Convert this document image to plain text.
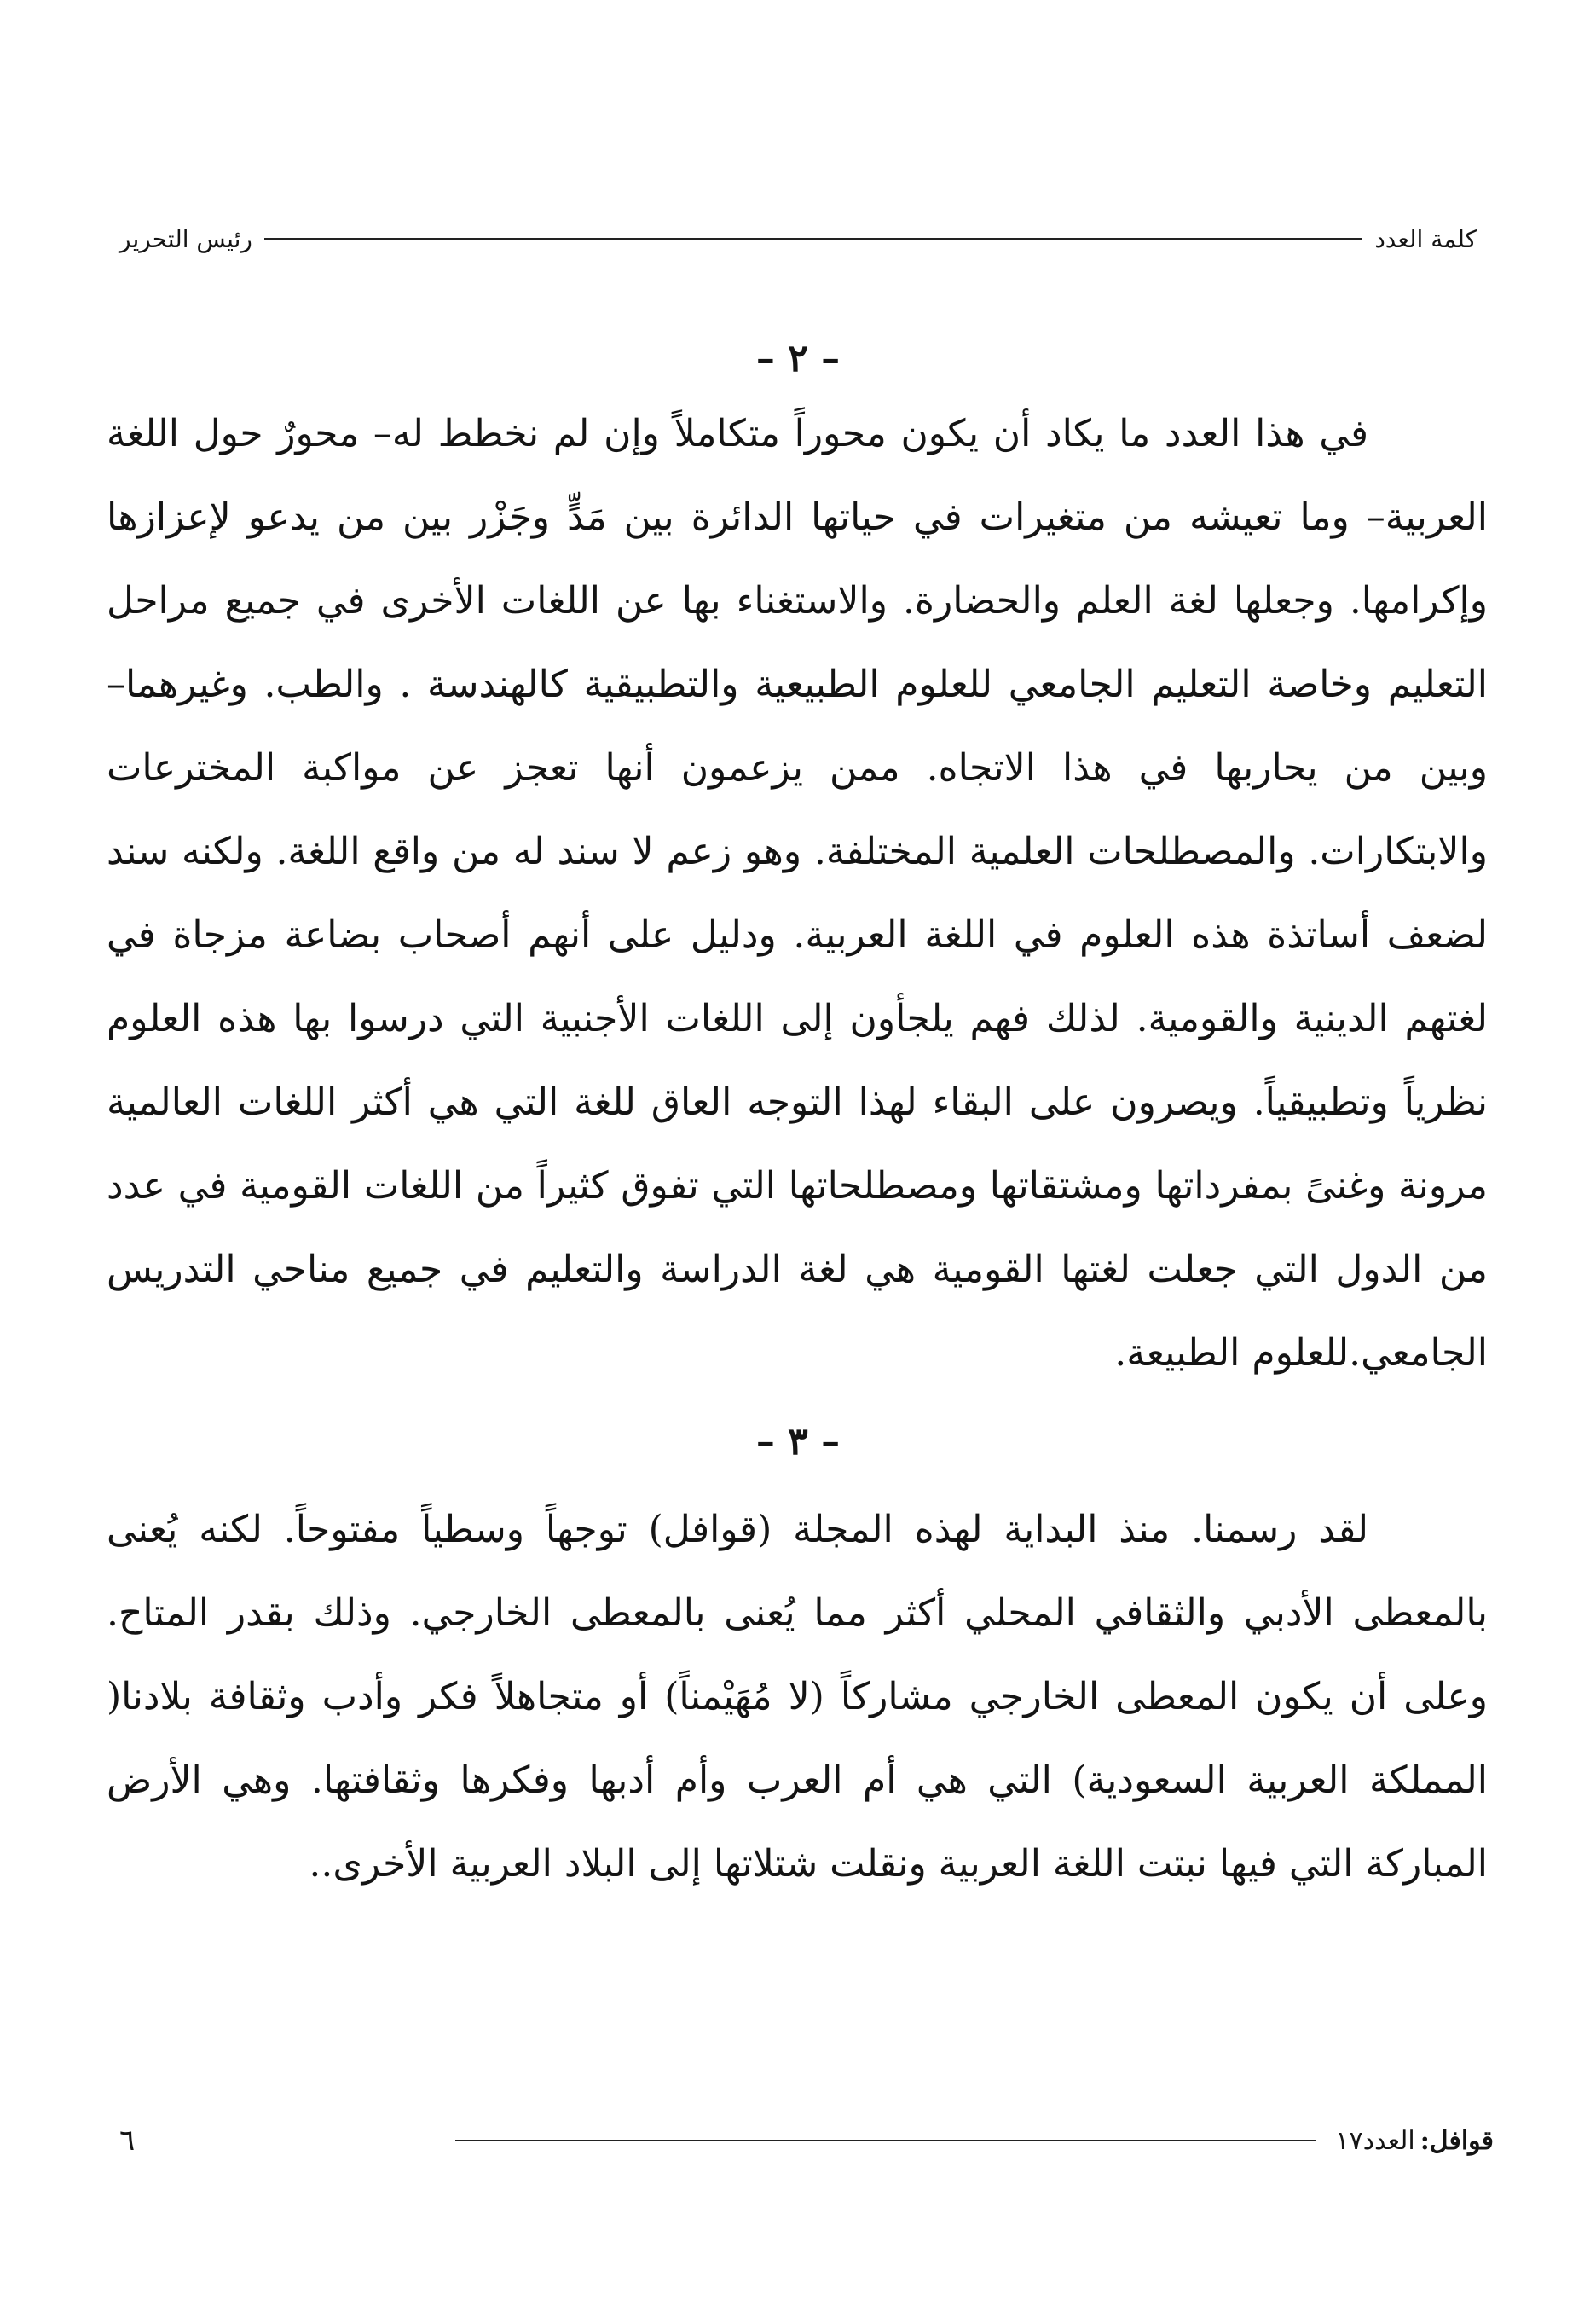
كلمة العدد
رئيس التحرير
– ٢ –

في هذا العدد ما يكاد أن يكون محوراً متكاملاً وإن لم نخطط له– محورٌ حول اللغة العربية– وما تعيشه من متغيرات في حياتها الدائرة بين مَدٍّ وجَزْر بين من يدعو لإعزازها وإكرامها. وجعلها لغة العلم والحضارة. والاستغناء بها عن اللغات الأخرى في جميع مراحل التعليم وخاصة التعليم الجامعي للعلوم الطبيعية والتطبيقية كالهندسة . والطب. وغيرهما–وبين من يحاربها في هذا الاتجاه. ممن يزعمون أنها تعجز عن مواكبة المخترعات والابتكارات. والمصطلحات العلمية المختلفة. وهو زعم لا سند له من واقع اللغة. ولكنه سند لضعف أساتذة هذه العلوم في اللغة العربية. ودليل على أنهم أصحاب بضاعة مزجاة في لغتهم الدينية والقومية. لذلك فهم يلجأون إلى اللغات الأجنبية التي درسوا بها هذه العلوم نظرياً وتطبيقياً. ويصرون على البقاء لهذا التوجه العاق للغة التي هي أكثر اللغات العالمية مرونة وغنىً بمفرداتها ومشتقاتها ومصطلحاتها التي تفوق كثيراً من اللغات القومية في عدد من الدول التي جعلت لغتها القومية هي لغة الدراسة والتعليم في جميع مناحي التدريس الجامعي.للعلوم الطبيعة.

– ٣ –

لقد رسمنا. منذ البداية لهذه المجلة (قوافل) توجهاً وسطياً مفتوحاً. لكنه يُعنى بالمعطى الأدبي والثقافي المحلي أكثر مما يُعنى بالمعطى الخارجي. وذلك بقدر المتاح. وعلى أن يكون المعطى الخارجي مشاركاً (لا مُهَيْمناً) أو متجاهلاً فكر وأدب وثقافة بلادنا( المملكة العربية السعودية) التي هي أم العرب وأم أدبها وفكرها وثقافتها. وهي الأرض المباركة التي فيها نبتت اللغة العربية ونقلت شتلاتها إلى البلاد العربية الأخرى..

قوافل:
العدد١٧
٦
